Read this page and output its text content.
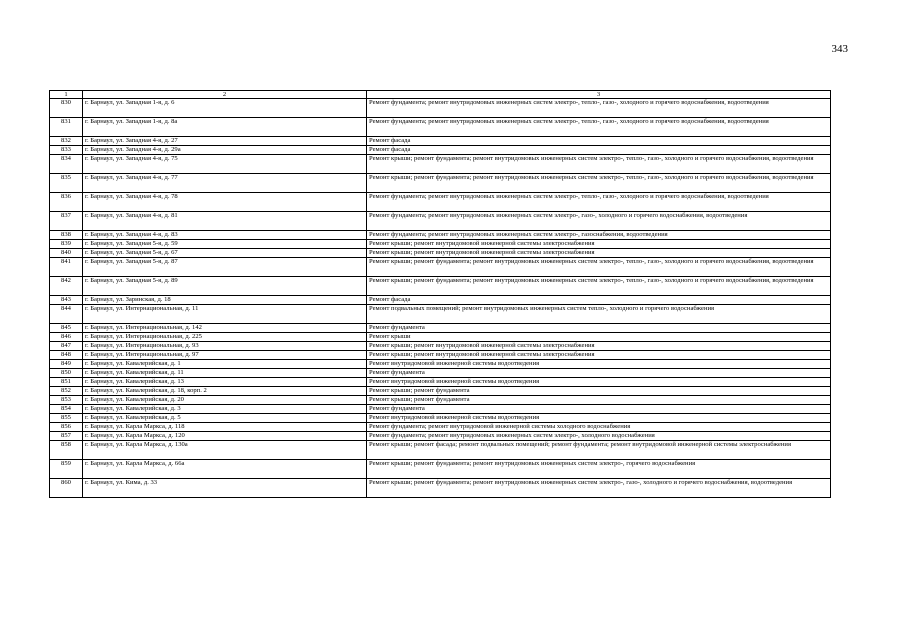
343
1	2	3
830	г. Барнаул, ул. Западная 1-я, д. 6	Ремонт фундамента; ремонт внутридомовых инженерных систем электро-, тепло-, газо-, холодного и горячего водоснабжения, водоотведения
831	г. Барнаул, ул. Западная 1-я, д. 8а	Ремонт фундамента; ремонт внутридомовых инженерных систем электро-, тепло-, газо-, холодного и горячего водоснабжения, водоотведения
832	г. Барнаул, ул. Западная 4-я, д. 27	Ремонт фасада
833	г. Барнаул, ул. Западная 4-я, д. 29а	Ремонт фасада
834	г. Барнаул, ул. Западная 4-я, д. 75	Ремонт крыши; ремонт фундамента; ремонт внутридомовых инженерных систем электро-, тепло-, газо-, холодного и горячего водоснабжения, водоотведения
835	г. Барнаул, ул. Западная 4-я, д. 77	Ремонт крыши; ремонт фундамента; ремонт внутридомовых инженерных систем электро-, тепло-, газо-, холодного и горячего водоснабжения, водоотведения
836	г. Барнаул, ул. Западная 4-я, д. 78	Ремонт фундамента; ремонт внутридомовых инженерных систем электро-, тепло-, газо-, холодного и горячего водоснабжения, водоотведения
837	г. Барнаул, ул. Западная 4-я, д. 81	Ремонт фундамента; ремонт внутридомовых инженерных систем электро-, газо-, холодного и горячего водоснабжения, водоотведения
838	г. Барнаул, ул. Западная 4-я, д. 83	Ремонт фундамента; ремонт внутридомовых инженерных систем электро-, газоснабжения, водоотведения
839	г. Барнаул, ул. Западная 5-я, д. 59	Ремонт крыши; ремонт внутридомовой инженерной системы электроснабжения
840	г. Барнаул, ул. Западная 5-я, д. 67	Ремонт крыши; ремонт внутридомовой инженерной системы электроснабжения
841	г. Барнаул, ул. Западная 5-я, д. 87	Ремонт крыши; ремонт фундамента; ремонт внутридомовых инженерных систем электро-, тепло-, газо-, холодного и горячего водоснабжения, водоотведения
842	г. Барнаул, ул. Западная 5-я, д. 89	Ремонт крыши; ремонт фундамента; ремонт внутридомовых инженерных систем электро-, тепло-, газо-, холодного и горячего водоснабжения, водоотведения
843	г. Барнаул, ул. Заринская, д. 18	Ремонт фасада
844	г. Барнаул, ул. Интернациональная, д. 11	Ремонт подвальных помещений; ремонт внутридомовых инженерных систем тепло-, холодного и горячего водоснабжения
845	г. Барнаул, ул. Интернациональная, д. 142	Ремонт фундамента
846	г. Барнаул, ул. Интернациональная, д. 225	Ремонт крыши
847	г. Барнаул, ул. Интернациональная, д. 93	Ремонт крыши; ремонт внутридомовой инженерной системы электроснабжения
848	г. Барнаул, ул. Интернациональная, д. 97	Ремонт крыши; ремонт внутридомовой инженерной системы электроснабжения
849	г. Барнаул, ул. Кавалерийская, д. 1	Ремонт внутридомовой инженерной системы водоотведения
850	г. Барнаул, ул. Кавалерийская, д. 11	Ремонт фундамента
851	г. Барнаул, ул. Кавалерийская, д. 13	Ремонт внутридомовой инженерной системы водоотведения
852	г. Барнаул, ул. Кавалерийская, д. 18, корп. 2	Ремонт крыши; ремонт фундамента
853	г. Барнаул, ул. Кавалерийская, д. 20	Ремонт крыши; ремонт фундамента
854	г. Барнаул, ул. Кавалерийская, д. 3	Ремонт фундамента
855	г. Барнаул, ул. Кавалерийская, д. 5	Ремонт внутридомовой инженерной системы водоотведения
856	г. Барнаул, ул. Карла Маркса, д. 118	Ремонт фундамента; ремонт внутридомовой инженерной системы холодного водоснабжения
857	г. Барнаул, ул. Карла Маркса, д. 120	Ремонт фундамента; ремонт внутридомовых инженерных систем электро-, холодного водоснабжения
858	г. Барнаул, ул. Карла Маркса, д. 130а	Ремонт крыши; ремонт фасада; ремонт подвальных помещений; ремонт фундамента; ремонт внутридомовой инженерной системы электроснабжения
859	г. Барнаул, ул. Карла Маркса, д. 66а	Ремонт крыши; ремонт фундамента; ремонт внутридомовых инженерных систем электро-, горячего водоснабжения
860	г. Барнаул, ул. Кима, д. 33	Ремонт крыши; ремонт фундамента; ремонт внутридомовых инженерных систем электро-, газо-, холодного и горячего водоснабжения, водоотведения
